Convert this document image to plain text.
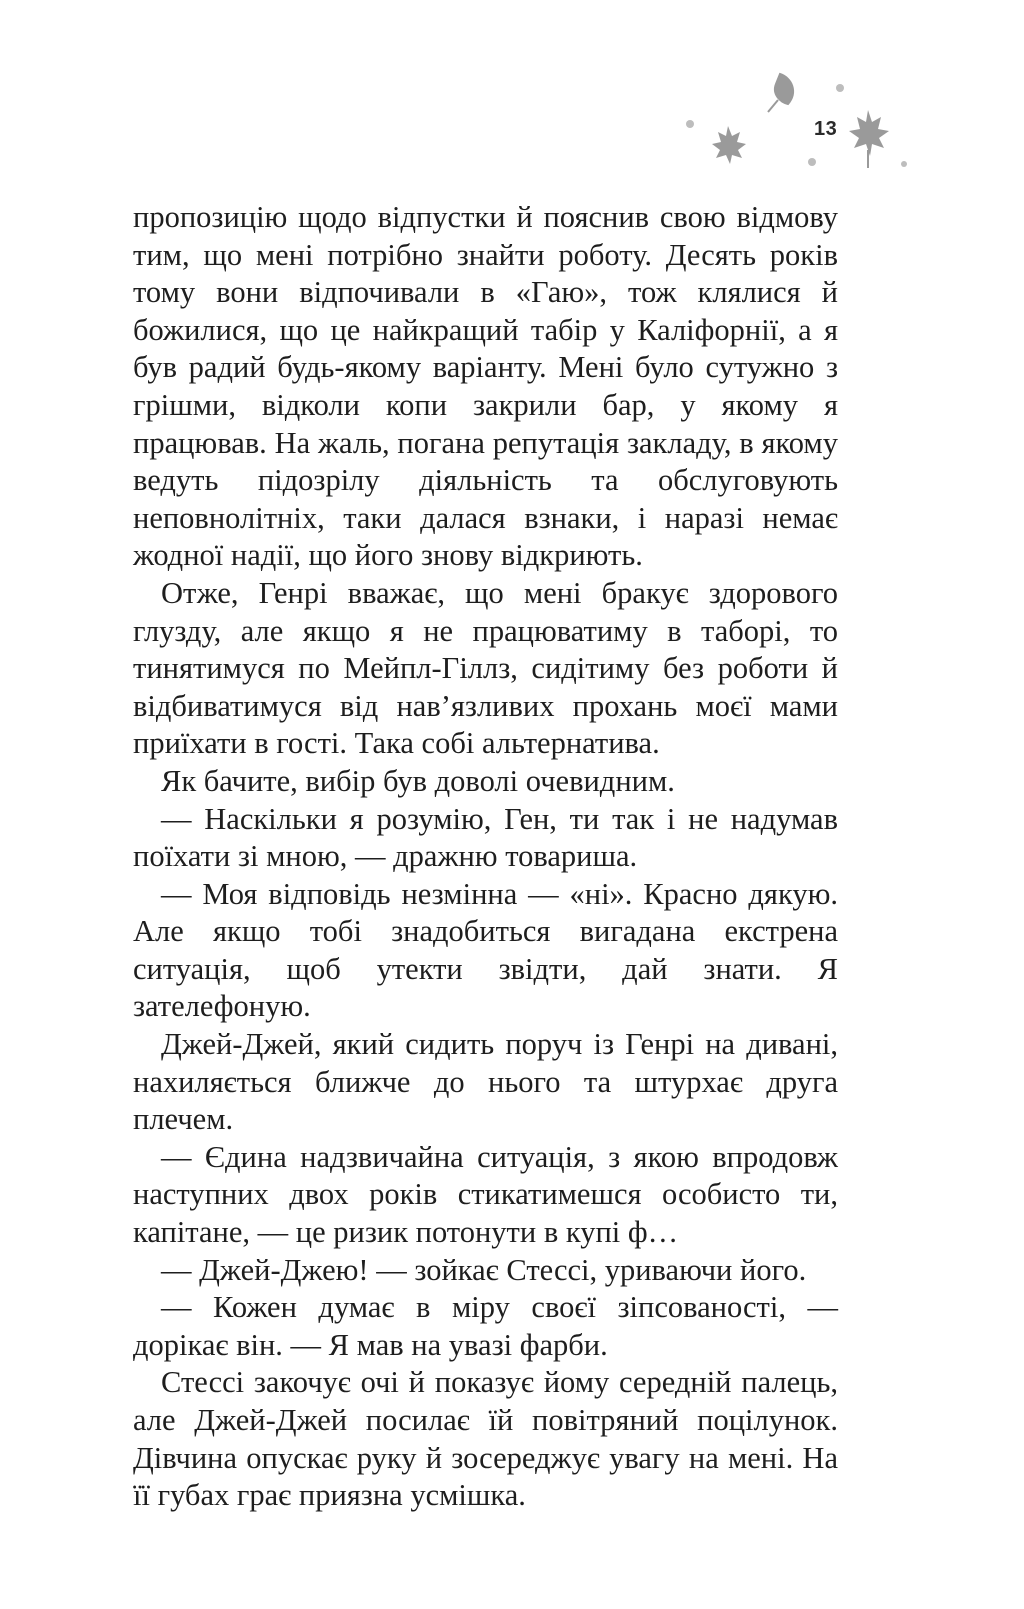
13

пропозицію щодо відпустки й пояснив свою відмову тим, що мені потрібно знайти роботу. Десять років тому вони відпочивали в «Гаю», тож клялися й божилися, що це найкращий табір у Каліфорнії, а я був радий будь-якому варіанту. Мені було сутужно з грішми, відколи копи закрили бар, у якому я працював. На жаль, погана репутація закладу, в якому ведуть підозрілу діяльність та обслуговують неповнолітніх, таки далася взнаки, і наразі немає жодної надії, що його знову відкриють.

Отже, Генрі вважає, що мені бракує здорового глузду, але якщо я не працюватиму в таборі, то тинятимуся по Мейпл-Гіллз, сидітиму без роботи й відбиватимуся від нав’язливих прохань моєї мами приїхати в гості. Така собі альтернатива.

Як бачите, вибір був доволі очевидним.

— Наскільки я розумію, Ген, ти так і не надумав поїхати зі мною, — дражню товариша.

— Моя відповідь незмінна — «ні». Красно дякую. Але якщо тобі знадобиться вигадана екстрена ситуація, щоб утекти звідти, дай знати. Я зателефоную.

Джей-Джей, який сидить поруч із Генрі на дивані, нахиляється ближче до нього та штурхає друга плечем.

— Єдина надзвичайна ситуація, з якою впродовж наступних двох років стикатимешся особисто ти, капітане, — це ризик потонути в купі ф…

— Джей-Джею! — зойкає Стессі, уриваючи його.

— Кожен думає в міру своєї зіпсованості, — дорікає він. — Я мав на увазі фарби.

Стессі закочує очі й показує йому середній палець, але Джей-Джей посилає їй повітряний поцілунок. Дівчина опускає руку й зосереджує увагу на мені. На її губах грає приязна усмішка.
